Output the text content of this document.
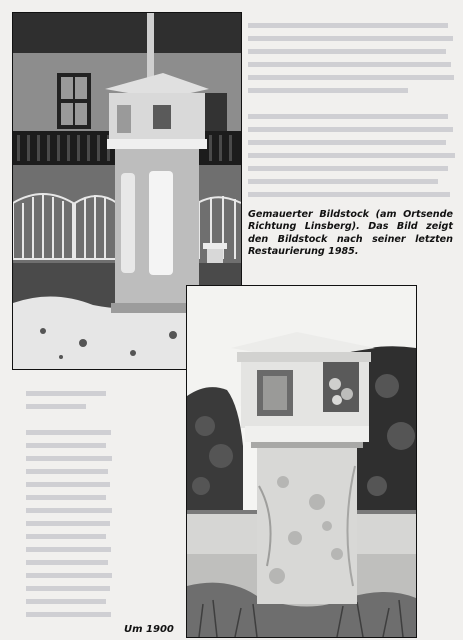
Gemauerter Bildstock (am Ortsende Richtung Linsberg). Das Bild zeigt den Bildstock nach seiner letzten Restaurierung 1985.
Um 1900
